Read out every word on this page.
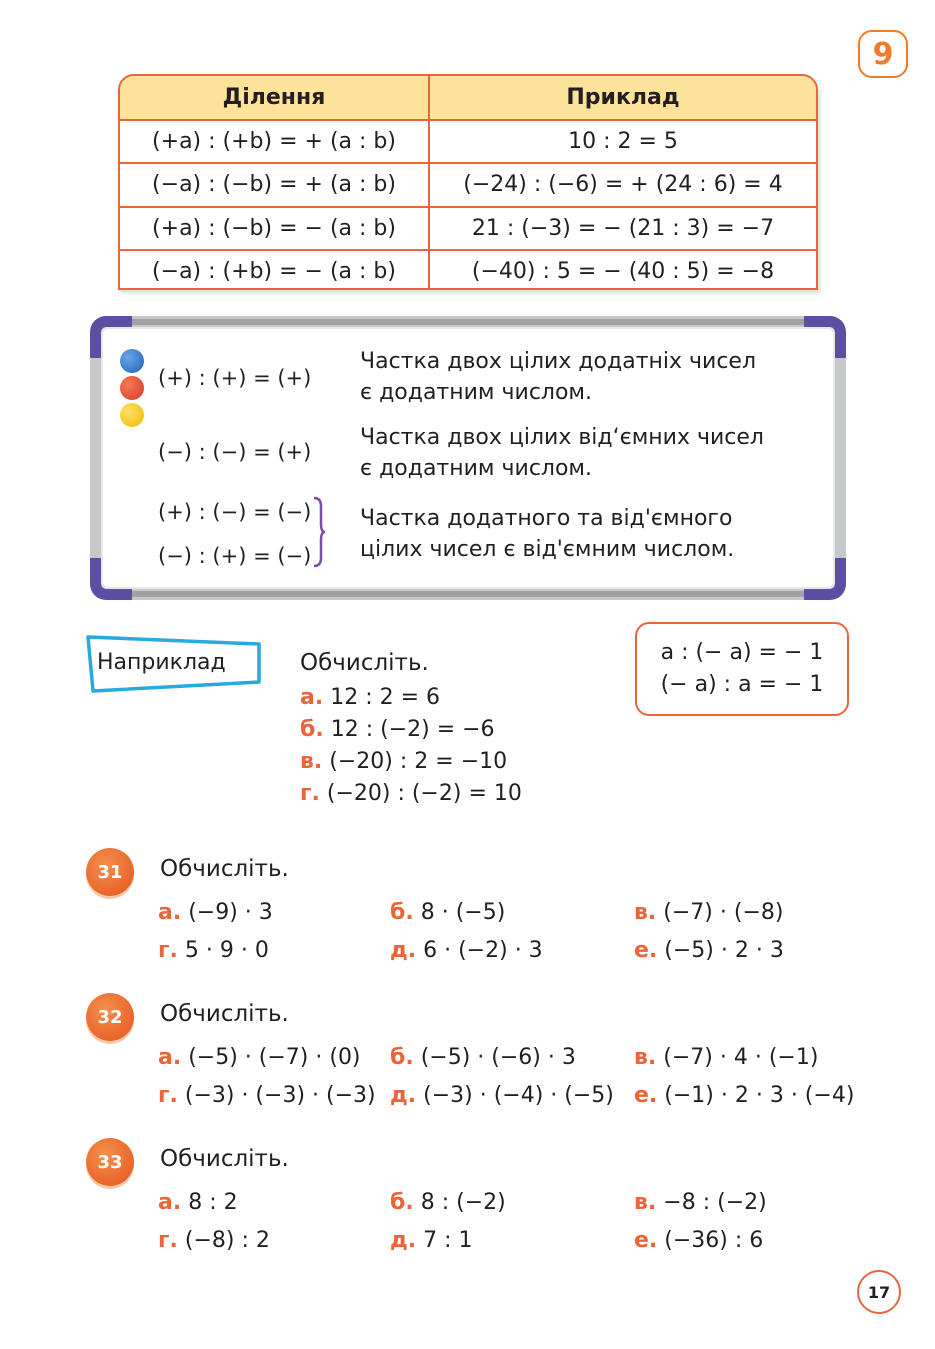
9
Ділення	Приклад
(+a) : (+b) = + (a : b)	10 : 2 = 5
(−a) : (−b) = + (a : b)	(−24) : (−6) = + (24 : 6) = 4
(+a) : (−b) = − (a : b)	21 : (−3) = − (21 : 3) = −7
(−a) : (+b) = − (a : b)	(−40) : 5 = − (40 : 5) = −8
(+) : (+) = (+)
Частка двох цілих додатніх чисел
є додатним числом.
(−) : (−) = (+)
Частка двох цілих від‘ємних чисел
є додатним числом.
(+) : (−) = (−)
(−) : (+) = (−)
Частка додатного та від'ємного
цілих чисел є від'ємним числом.
Наприклад	Обчисліть.
а. 12 : 2 = 6
б. 12 : (−2) = −6
в. (−20) : 2 = −10
г. (−20) : (−2) = 10
a : (− a) = − 1
(− a) : a = − 1
31	Обчисліть.
а. (−9) · 3	б. 8 · (−5)	в. (−7) · (−8)
г. 5 · 9 · 0	д. 6 · (−2) · 3	е. (−5) · 2 · 3
32	Обчисліть.
а. (−5) · (−7) · (0) б. (−5) · (−6) · 3	в. (−7) · 4 · (−1)
г. (−3) · (−3) · (−3) д. (−3) · (−4) · (−5) е. (−1) · 2 · 3 · (−4)
33	Обчисліть.
а. 8 : 2	б. 8 : (−2)	в. −8 : (−2)
г. (−8) : 2	д. 7 : 1	е. (−36) : 6
17
